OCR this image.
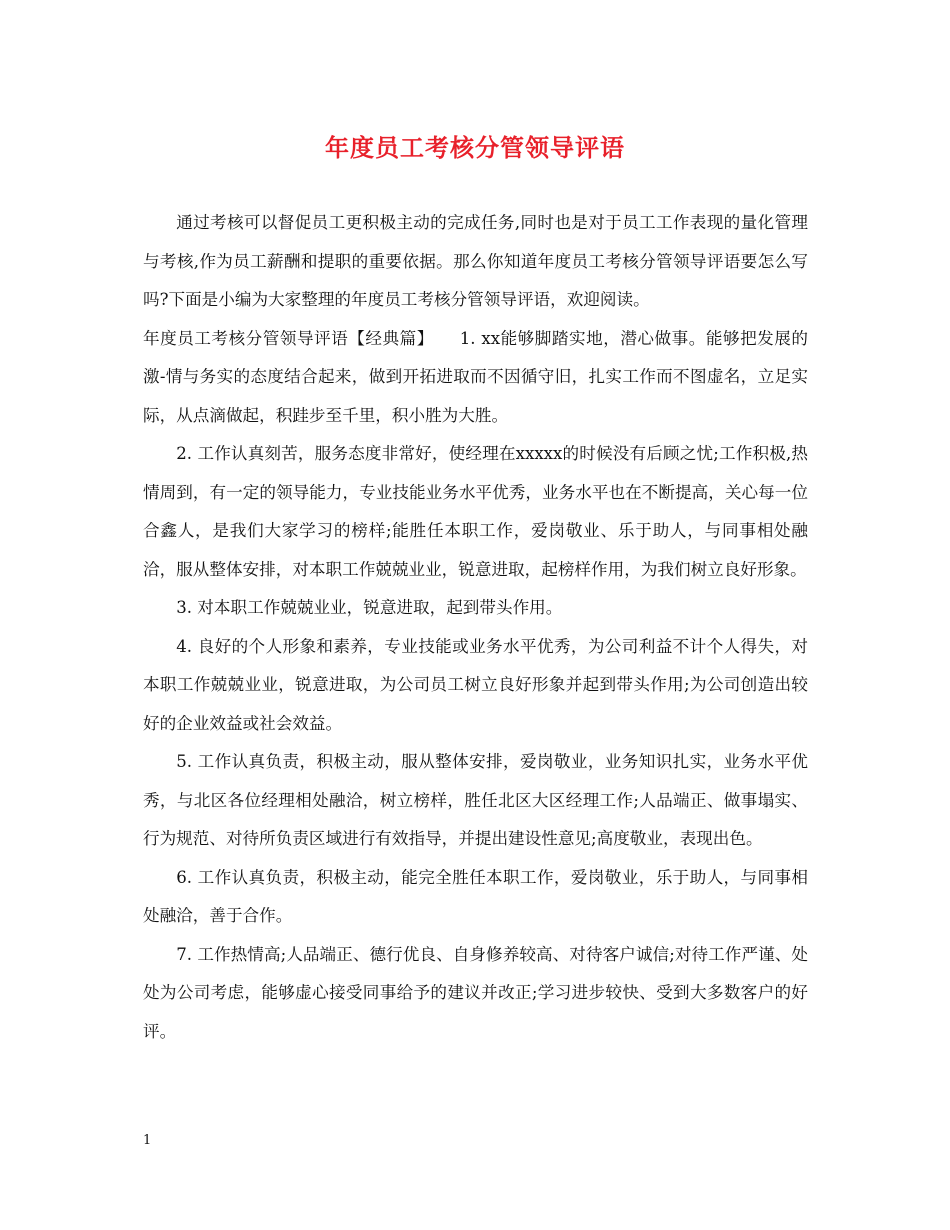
年度员工考核分管领导评语

通过考核可以督促员工更积极主动的完成任务,同时也是对于员工工作表现的量化管理与考核,作为员工薪酬和提职的重要依据。那么你知道年度员工考核分管领导评语要怎么写吗?下面是小编为大家整理的年度员工考核分管领导评语，欢迎阅读。

年度员工考核分管领导评语【经典篇】　　1. xx能够脚踏实地，潜心做事。能够把发展的激-情与务实的态度结合起来，做到开拓进取而不因循守旧，扎实工作而不图虚名，立足实际，从点滴做起，积跬步至千里，积小胜为大胜。

2. 工作认真刻苦，服务态度非常好，使经理在xxxxx的时候没有后顾之忧;工作积极,热情周到，有一定的领导能力，专业技能业务水平优秀，业务水平也在不断提高，关心每一位合鑫人，是我们大家学习的榜样;能胜任本职工作，爱岗敬业、乐于助人，与同事相处融洽，服从整体安排，对本职工作兢兢业业，锐意进取，起榜样作用，为我们树立良好形象。

3. 对本职工作兢兢业业，锐意进取，起到带头作用。

4. 良好的个人形象和素养，专业技能或业务水平优秀，为公司利益不计个人得失，对本职工作兢兢业业，锐意进取，为公司员工树立良好形象并起到带头作用;为公司创造出较好的企业效益或社会效益。

5. 工作认真负责，积极主动，服从整体安排，爱岗敬业，业务知识扎实，业务水平优秀，与北区各位经理相处融洽，树立榜样，胜任北区大区经理工作;人品端正、做事塌实、行为规范、对待所负责区域进行有效指导，并提出建设性意见;高度敬业，表现出色。

6. 工作认真负责，积极主动，能完全胜任本职工作，爱岗敬业，乐于助人，与同事相处融洽，善于合作。

7. 工作热情高;人品端正、德行优良、自身修养较高、对待客户诚信;对待工作严谨、处处为公司考虑，能够虚心接受同事给予的建议并改正;学习进步较快、受到大多数客户的好评。

1
